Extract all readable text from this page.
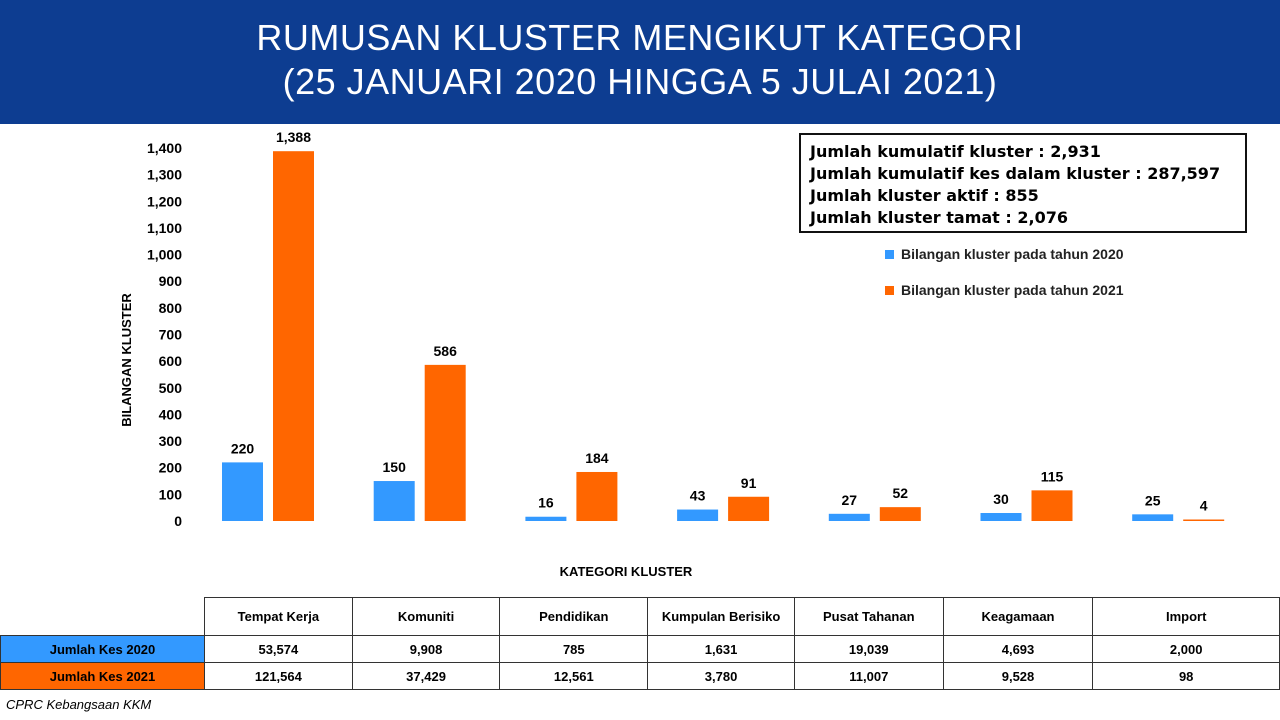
RUMUSAN KLUSTER MENGIKUT KATEGORI
(25 JANUARI 2020 HINGGA 5 JULAI 2021)
0
100
200
300
400
500
600
700
800
900
1,000
1,100
1,200
1,300
1,400
BILANGAN KLUSTER
KATEGORI KLUSTER
220
1,388
150
586
16
184
43
91
27	52	30
115
25	4
Jumlah kumulatif kluster : 2,931
Jumlah kumulatif kes dalam kluster : 287,597
Jumlah kluster aktif : 855
Jumlah kluster tamat : 2,076
Bilangan kluster pada tahun 2020
Bilangan kluster pada tahun 2021
	Tempat Kerja	Komuniti	Pendidikan	Kumpulan Berisiko	Pusat Tahanan	Keagamaan	Import
Jumlah Kes 2020	53,574	9,908	785	1,631	19,039	4,693	2,000
Jumlah Kes 2021	121,564	37,429	12,561	3,780	11,007	9,528	98
CPRC Kebangsaan KKM
